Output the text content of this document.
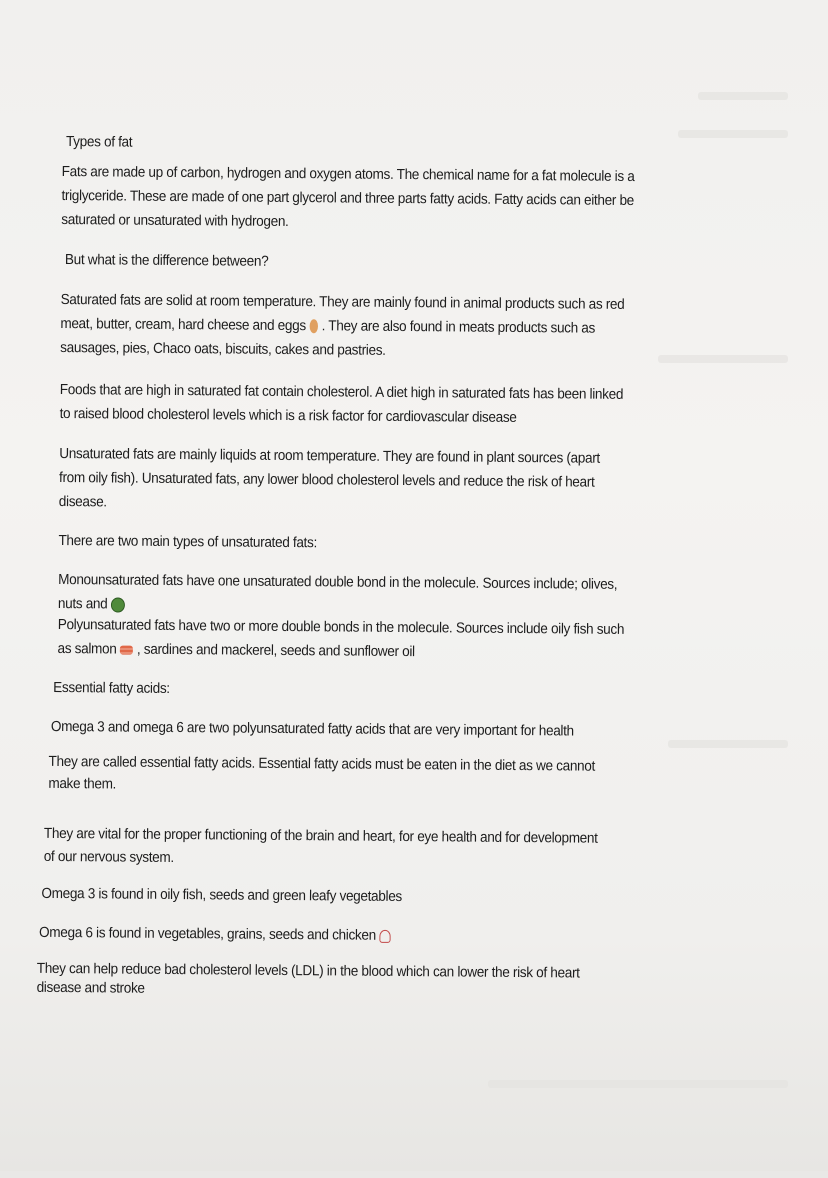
Types of fat
Fats are made up of carbon, hydrogen and oxygen atoms. The chemical name for a fat molecule is a
triglyceride. These are made of one part glycerol and three parts fatty acids. Fatty acids can either be
saturated or unsaturated with hydrogen.
But what is the difference between?
Saturated fats are solid at room temperature. They are mainly found in animal products such as red
meat, butter, cream, hard cheese and eggs . They are also found in meats products such as
sausages, pies, Chaco oats, biscuits, cakes and pastries.
Foods that are high in saturated fat contain cholesterol. A diet high in saturated fats has been linked
to raised blood cholesterol levels which is a risk factor for cardiovascular disease
Unsaturated fats are mainly liquids at room temperature. They are found in plant sources (apart
from oily fish). Unsaturated fats, any lower blood cholesterol levels and reduce the risk of heart
disease.
There are two main types of unsaturated fats:
Monounsaturated fats have one unsaturated double bond in the molecule. Sources include; olives,
nuts and
Polyunsaturated fats have two or more double bonds in the molecule. Sources include oily fish such
as salmon , sardines and mackerel, seeds and sunflower oil
Essential fatty acids:
Omega 3 and omega 6 are two polyunsaturated fatty acids that are very important for health
They are called essential fatty acids. Essential fatty acids must be eaten in the diet as we cannot
make them.
They are vital for the proper functioning of the brain and heart, for eye health and for development
of our nervous system.
Omega 3 is found in oily fish, seeds and green leafy vegetables
Omega 6 is found in vegetables, grains, seeds and chicken
They can help reduce bad cholesterol levels (LDL) in the blood which can lower the risk of heart
disease and stroke
